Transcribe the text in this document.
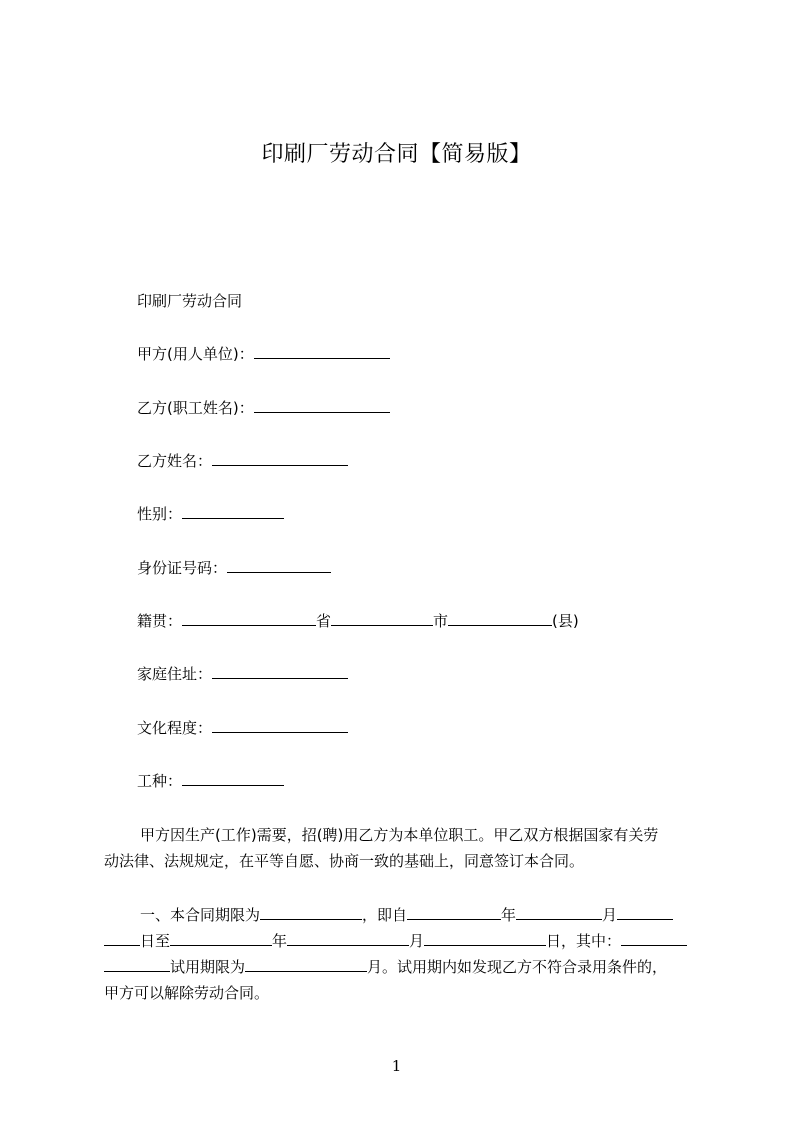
印刷厂劳动合同【简易版】
印刷厂劳动合同
甲方(用人单位)：
乙方(职工姓名)：
乙方姓名：
性别：
身份证号码：
籍贯：	省	市	(县)
家庭住址：
文化程度：
工种：

甲方因生产(工作)需要，招(聘)用乙方为本单位职工。甲乙双方根据国家有关劳

动法律、法规规定，在平等自愿、协商一致的基础上，同意签订本合同。

一、本合同期限为	，即自	年	月

日至	年	月	日，其中：

试用期限为	月。试用期内如发现乙方不符合录用条件的，

甲方可以解除劳动合同。

1
